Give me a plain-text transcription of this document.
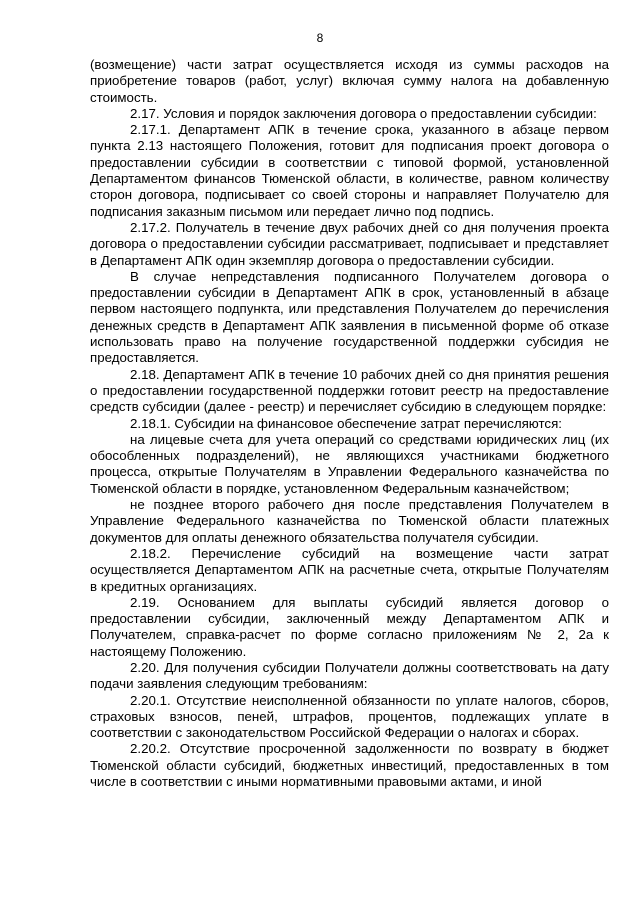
8

(возмещение) части затрат осуществляется исходя из суммы расходов на приобретение товаров (работ, услуг) включая сумму налога на добавленную стоимость.

2.17. Условия и порядок заключения договора о предоставлении субсидии:

2.17.1. Департамент АПК в течение срока, указанного в абзаце первом пункта 2.13 настоящего Положения, готовит для подписания проект договора о предоставлении субсидии в соответствии с типовой формой, установленной Департаментом финансов Тюменской области, в количестве, равном количеству сторон договора, подписывает со своей стороны и направляет Получателю для подписания заказным письмом или передает лично под подпись.

2.17.2. Получатель в течение двух рабочих дней со дня получения проекта договора о предоставлении субсидии рассматривает, подписывает и представляет в Департамент АПК один экземпляр договора о предоставлении субсидии.

В случае непредставления подписанного Получателем договора о предоставлении субсидии в Департамент АПК в срок, установленный в абзаце первом настоящего подпункта, или представления Получателем до перечисления денежных средств в Департамент АПК заявления в письменной форме об отказе использовать право на получение государственной поддержки субсидия не предоставляется.

2.18. Департамент АПК в течение 10 рабочих дней со дня принятия решения о предоставлении государственной поддержки готовит реестр на предоставление средств субсидии (далее - реестр) и перечисляет субсидию в следующем порядке:

2.18.1. Субсидии на финансовое обеспечение затрат перечисляются:

на лицевые счета для учета операций со средствами юридических лиц (их обособленных подразделений), не являющихся участниками бюджетного процесса, открытые Получателям в Управлении Федерального казначейства по Тюменской области в порядке, установленном Федеральным казначейством;

не позднее второго рабочего дня после представления Получателем в Управление Федерального казначейства по Тюменской области платежных документов для оплаты денежного обязательства получателя субсидии.

2.18.2. Перечисление субсидий на возмещение части затрат осуществляется Департаментом АПК на расчетные счета, открытые Получателям в кредитных организациях.

2.19. Основанием для выплаты субсидий является договор о предоставлении субсидии, заключенный между Департаментом АПК и Получателем, справка-расчет по форме согласно приложениям № 2, 2а к настоящему Положению.

2.20. Для получения субсидии Получатели должны соответствовать на дату подачи заявления следующим требованиям:

2.20.1. Отсутствие неисполненной обязанности по уплате налогов, сборов, страховых взносов, пеней, штрафов, процентов, подлежащих уплате в соответствии с законодательством Российской Федерации о налогах и сборах.

2.20.2. Отсутствие просроченной задолженности по возврату в бюджет Тюменской области субсидий, бюджетных инвестиций, предоставленных в том числе в соответствии с иными нормативными правовыми актами, и иной
